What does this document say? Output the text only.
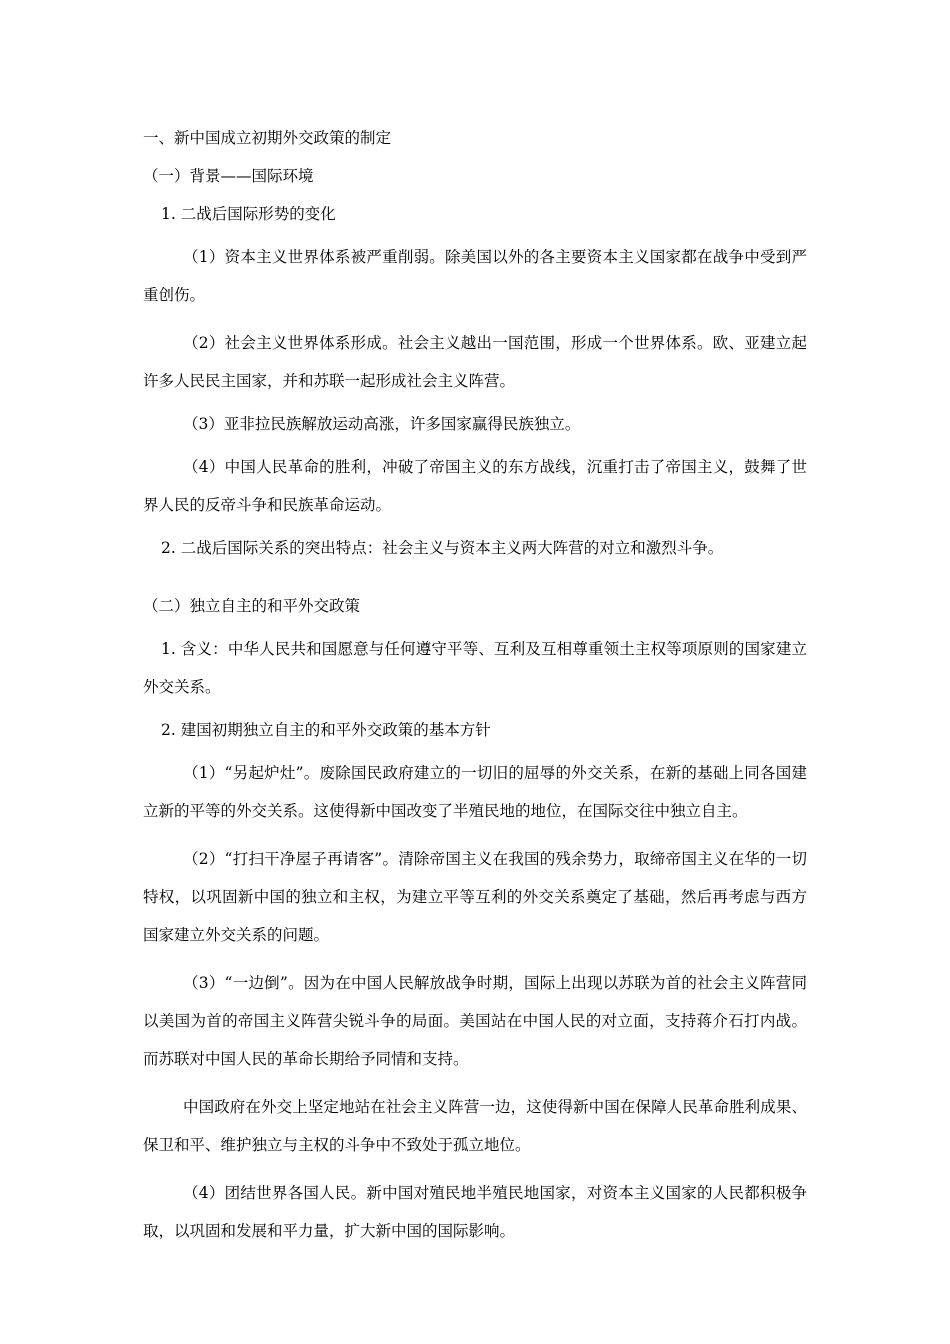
一、新中国成立初期外交政策的制定
（一）背景——国际环境
1. 二战后国际形势的变化
（1）资本主义世界体系被严重削弱。除美国以外的各主要资本主义国家都在战争中受到严重创伤。
（2）社会主义世界体系形成。社会主义越出一国范围，形成一个世界体系。欧、亚建立起许多人民民主国家，并和苏联一起形成社会主义阵营。
（3）亚非拉民族解放运动高涨，许多国家赢得民族独立。
（4）中国人民革命的胜利，冲破了帝国主义的东方战线，沉重打击了帝国主义，鼓舞了世界人民的反帝斗争和民族革命运动。
2. 二战后国际关系的突出特点：社会主义与资本主义两大阵营的对立和激烈斗争。
（二）独立自主的和平外交政策
1. 含义：中华人民共和国愿意与任何遵守平等、互利及互相尊重领土主权等项原则的国家建立外交关系。
2. 建国初期独立自主的和平外交政策的基本方针
（1）“另起炉灶”。废除国民政府建立的一切旧的屈辱的外交关系，在新的基础上同各国建立新的平等的外交关系。这使得新中国改变了半殖民地的地位，在国际交往中独立自主。
（2）“打扫干净屋子再请客”。清除帝国主义在我国的残余势力，取缔帝国主义在华的一切特权，以巩固新中国的独立和主权，为建立平等互利的外交关系奠定了基础，然后再考虑与西方国家建立外交关系的问题。
（3）“一边倒”。因为在中国人民解放战争时期，国际上出现以苏联为首的社会主义阵营同以美国为首的帝国主义阵营尖锐斗争的局面。美国站在中国人民的对立面，支持蒋介石打内战。而苏联对中国人民的革命长期给予同情和支持。
中国政府在外交上坚定地站在社会主义阵营一边，这使得新中国在保障人民革命胜利成果、保卫和平、维护独立与主权的斗争中不致处于孤立地位。
（4）团结世界各国人民。新中国对殖民地半殖民地国家，对资本主义国家的人民都积极争取，以巩固和发展和平力量，扩大新中国的国际影响。
